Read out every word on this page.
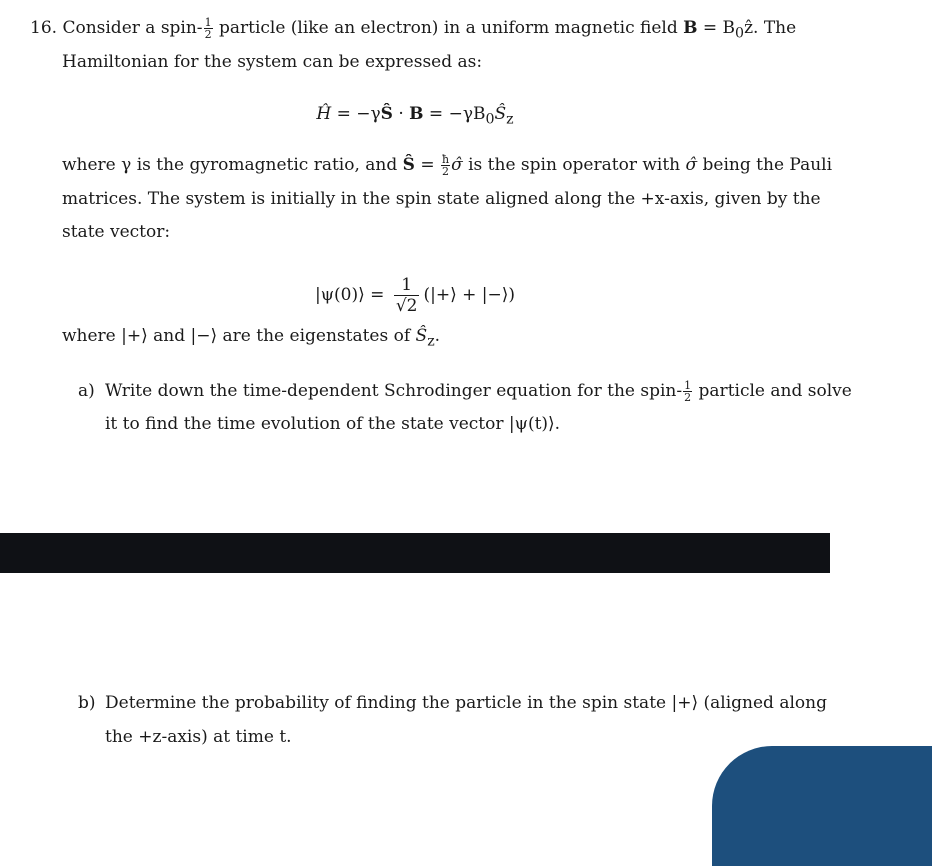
16. Consider a spin- $\frac{1}{2}$ particle (like an electron) in a uniform magnetic field $B = B_0ẑ$. The
Hamiltonian for the system can be expressed as:
Ĥ = −γŜ · $B = -\gamma B_0Ŝ_z$
where γ is the gyromagnetic ratio, and Ŝ = $\frac{ħ}{2}$ σ̂ is the spin operator with σ̂ being the Pauli
matrices. The system is initially in the spin state aligned along the +x-axis, given by the
state vector:
|ψ(0)⟩ = $\frac{1}{√2}$ (|+⟩ + |−⟩)
where |+⟩ and |−⟩ are the eigenstates of $Ŝ_z$.
a) Write down the time-dependent Schrodinger equation for the spin- $\frac{1}{2}$ particle and solve
it to find the time evolution of the state vector |ψ(t)⟩.
b) Determine the probability of finding the particle in the spin state |+⟩ (aligned along
the +z-axis) at time t.
